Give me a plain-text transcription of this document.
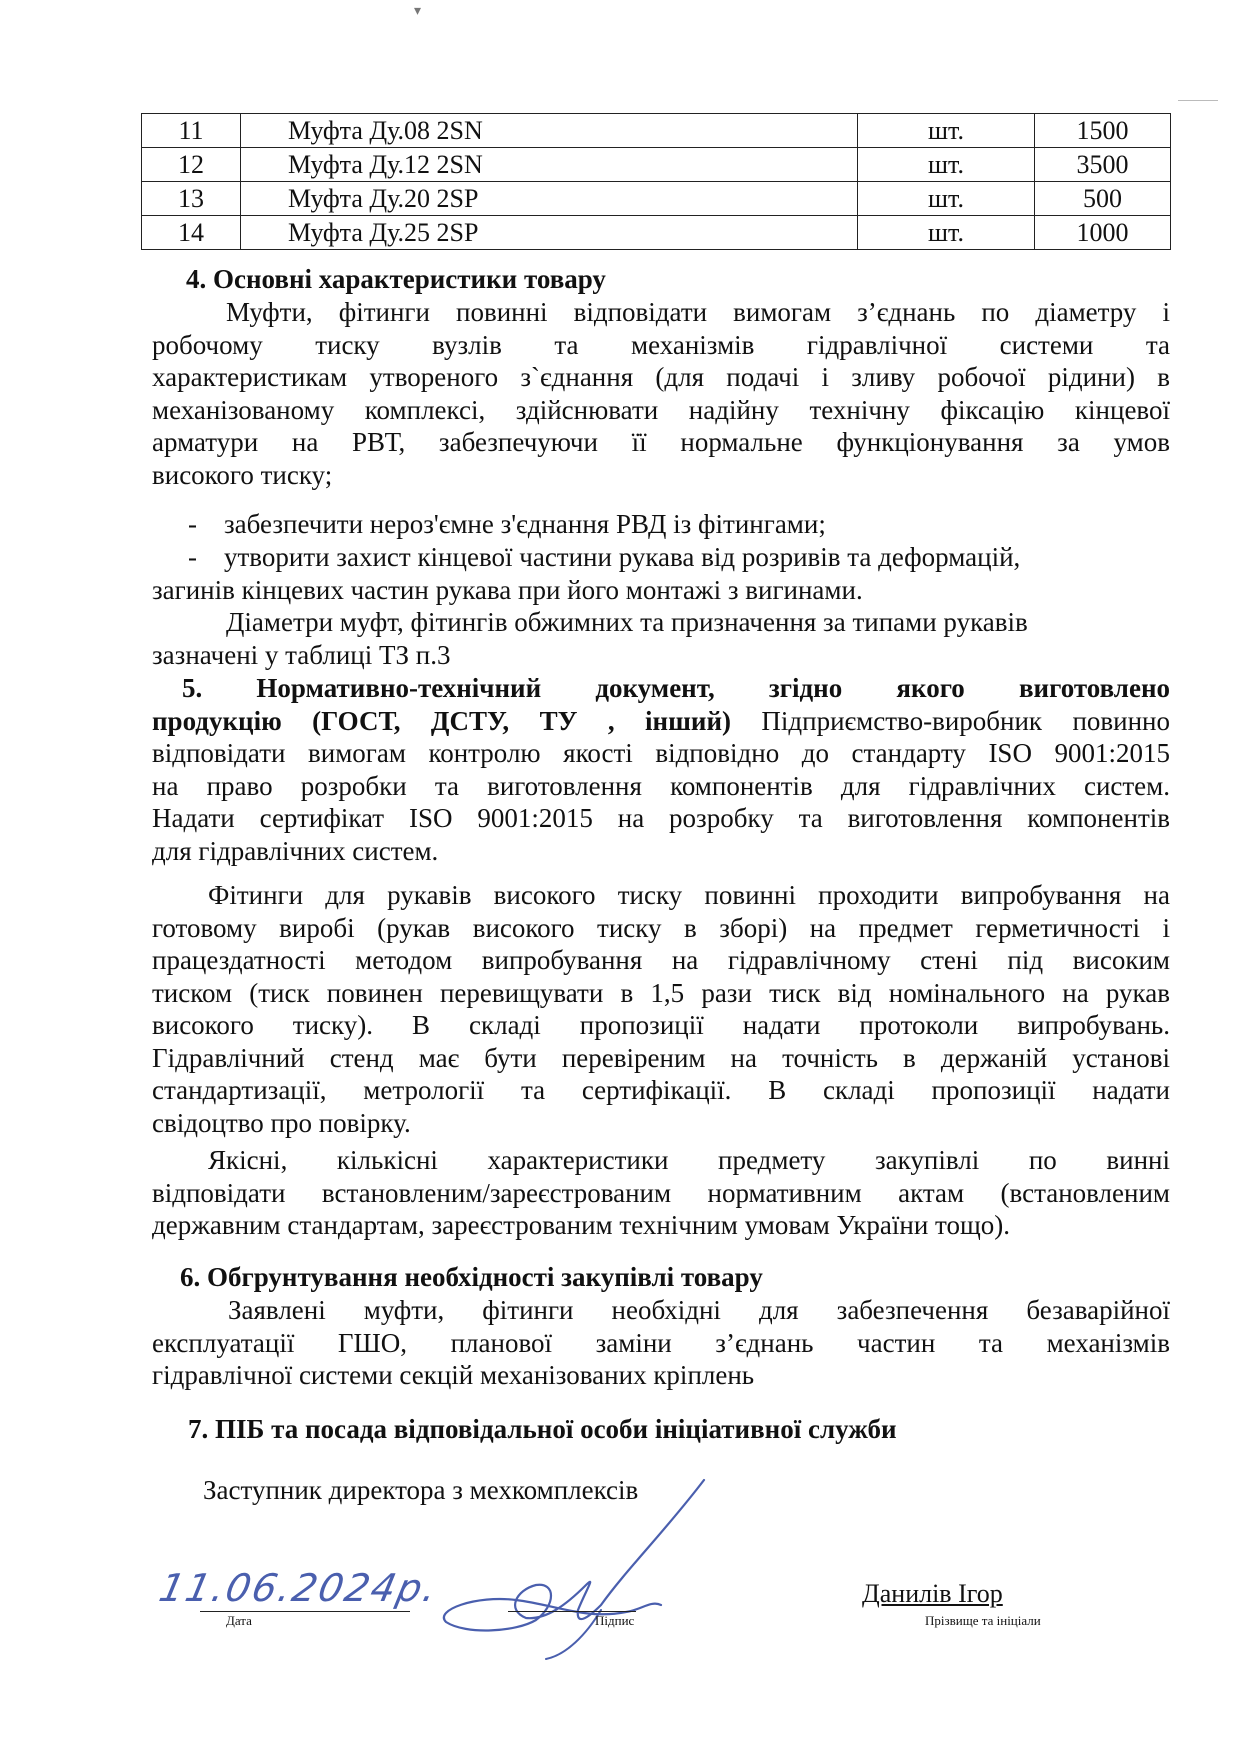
▾
11	Муфта Ду.08 2SN	шт.	1500
12	Муфта Ду.12 2SN	шт.	3500
13	Муфта Ду.20 2SP	шт.	500
14	Муфта Ду.25 2SP	шт.	1000
4. Основні характеристики товару
Муфти, фітинги повинні відповідати вимогам з’єднань по діаметру і
робочому тиску вузлів та механізмів гідравлічної системи та
характеристикам утвореного з`єднання (для подачі і зливу робочої рідини) в
механізованому комплексі, здійснювати надійну технічну фіксацію кінцевої
арматури на РВТ, забезпечуючи її нормальне функціонування за умов
високого тиску;
- забезпечити нероз'ємне з'єднання РВД із фітингами;
- утворити захист кінцевої частини рукава від розривів та деформацій,
загинів кінцевих частин рукава при його монтажі з вигинами.
Діаметри муфт, фітингів обжимних та призначення за типами рукавів
зазначені у таблиці ТЗ п.3
5. Нормативно-технічний документ, згідно якого виготовлено
продукцію (ГОСТ, ДСТУ, ТУ , інший) Підприємство-виробник повинно
відповідати вимогам контролю якості відповідно до стандарту ISO 9001:2015
на право розробки та виготовлення компонентів для гідравлічних систем.
Надати сертифікат ISO 9001:2015 на розробку та виготовлення компонентів
для гідравлічних систем.
Фітинги для рукавів високого тиску повинні проходити випробування на
готовому виробі (рукав високого тиску в зборі) на предмет герметичності і
працездатності методом випробування на гідравлічному стені під високим
тиском (тиск повинен перевищувати в 1,5 рази тиск від номінального на рукав
високого тиску). В складі пропозиції надати протоколи випробувань.
Гідравлічний стенд має бути перевіреним на точність в держаній установі
стандартизації, метрології та сертифікації. В складі пропозиції надати
свідоцтво про повірку.
Якісні, кількісні характеристики предмету закупівлі по винні
відповідати встановленим/зареєстрованим нормативним актам (встановленим
державним стандартам, зареєстрованим технічним умовам України тощо).
6. Обгрунтування необхідності закупівлі товару
Заявлені муфти, фітинги необхідні для забезпечення безаварійної
експлуатації ГШО, планової заміни з’єднань частин та механізмів
гідравлічної системи секцій механізованих кріплень
7. ПІБ та посада відповідальної особи ініціативної служби
Заступник директора з мехкомплексів
11.06.2024р.
Дата	Підпис
Данилів Ігор
Прізвище та ініціали
